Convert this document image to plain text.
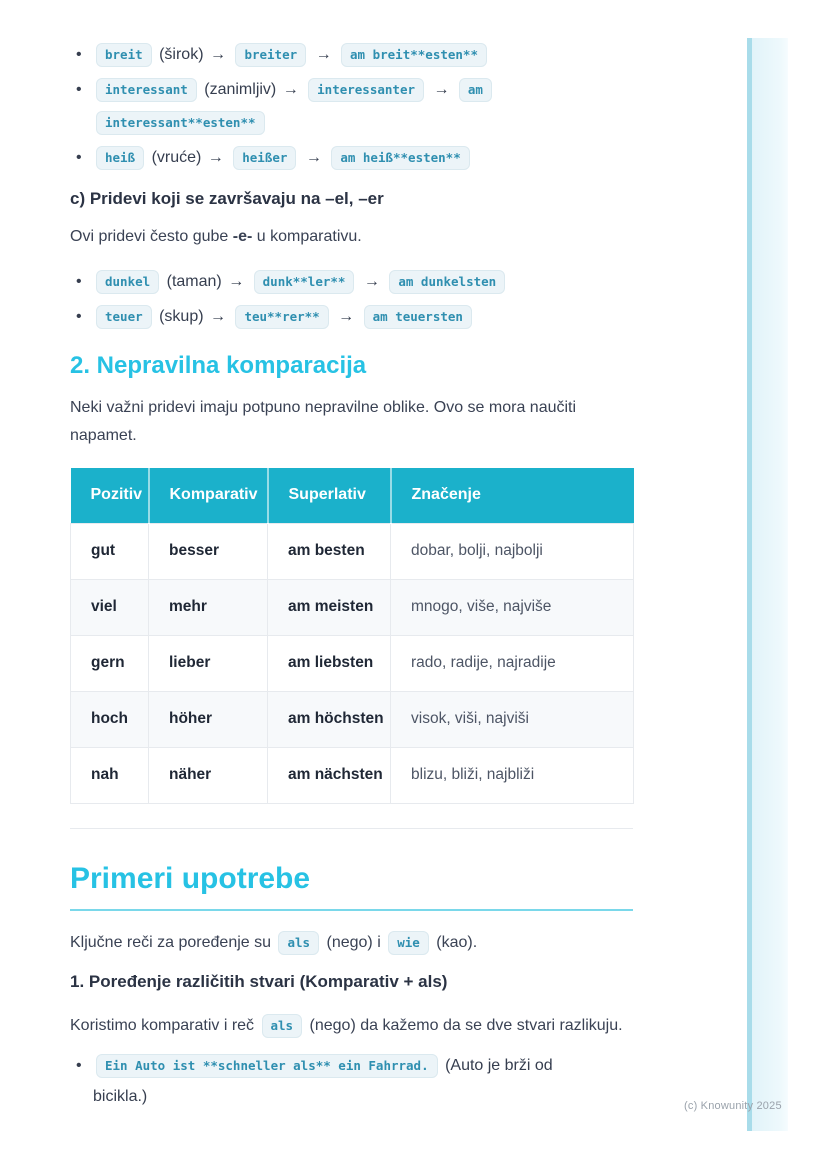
• breit (širok) → breiter → am breit**esten**
• interessant (zanimljiv) → interessanter → am interessant**esten**
• heiß (vruće) → heißer → am heiß**esten**
c) Pridevi koji se završavaju na –el, –er

Ovi pridevi često gube -e- u komparativu.

• dunkel (taman) → dunk**ler** → am dunkelsten
• teuer (skup) → teu**rer** → am teuersten
2. Nepravilna komparacija

Neki važni pridevi imaju potpuno nepravilne oblike. Ovo se mora naučiti napamet.

Pozitiv	Komparativ	Superlativ	Značenje
gut	besser	am besten	dobar, bolji, najbolji
viel	mehr	am meisten	mnogo, više, najviše
gern	lieber	am liebsten	rado, radije, najradije
hoch	höher	am höchsten	visok, viši, najviši
nah	näher	am nächsten	blizu, bliži, najbliži
Primeri upotrebe

Ključne reči za poređenje su als (nego) i wie (kao).

1. Poređenje različitih stvari (Komparativ + als)

Koristimo komparativ i reč als (nego) da kažemo da se dve stvari razlikuju.

• Ein Auto ist **schneller als** ein Fahrrad. (Auto je brži od bicikla.)
(c) Knowunity 2025
